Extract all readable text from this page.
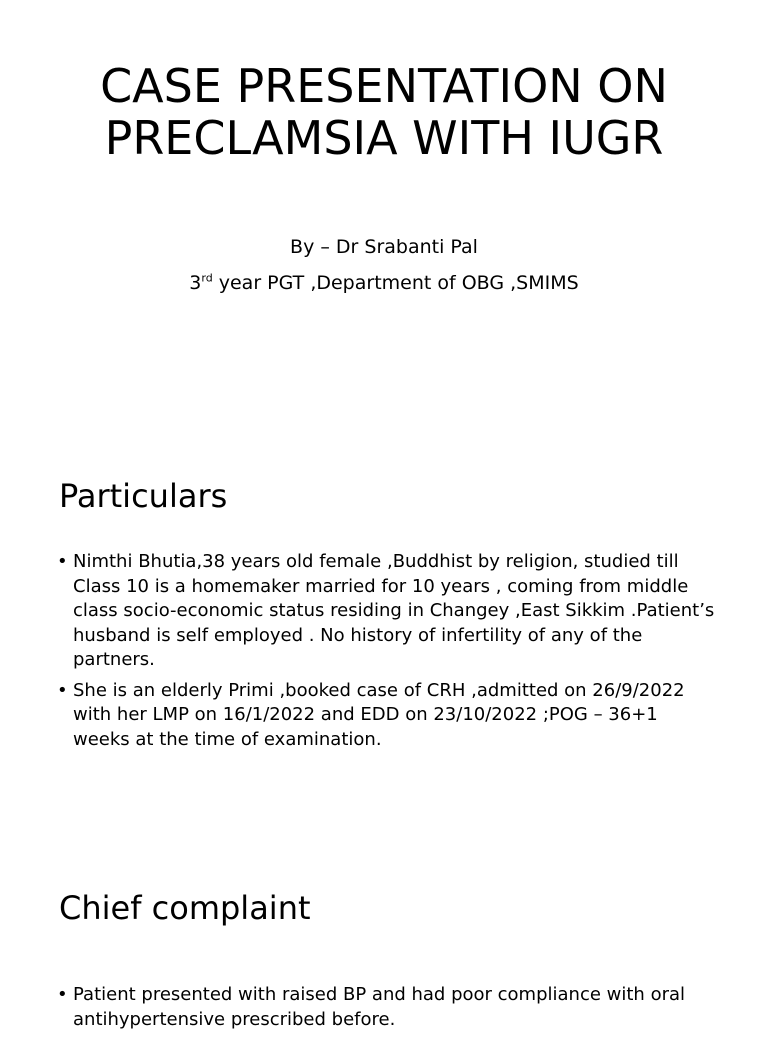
CASE PRESENTATION ON PRECLAMSIA WITH IUGR
By – Dr Srabanti Pal
3rd year PGT ,Department of OBG ,SMIMS
Particulars
• Nimthi Bhutia,38 years old female ,Buddhist by religion, studied till Class 10 is a homemaker married for 10 years , coming from middle class socio-economic status residing in Changey ,East Sikkim .Patient’s husband is self employed . No history of infertility of any of the partners.
• She is an elderly Primi ,booked case of CRH ,admitted on 26/9/2022 with her LMP on 16/1/2022 and EDD on 23/10/2022 ;POG – 36+1 weeks at the time of examination.
Chief complaint
• Patient presented with raised BP and had poor compliance with oral antihypertensive prescribed before.
